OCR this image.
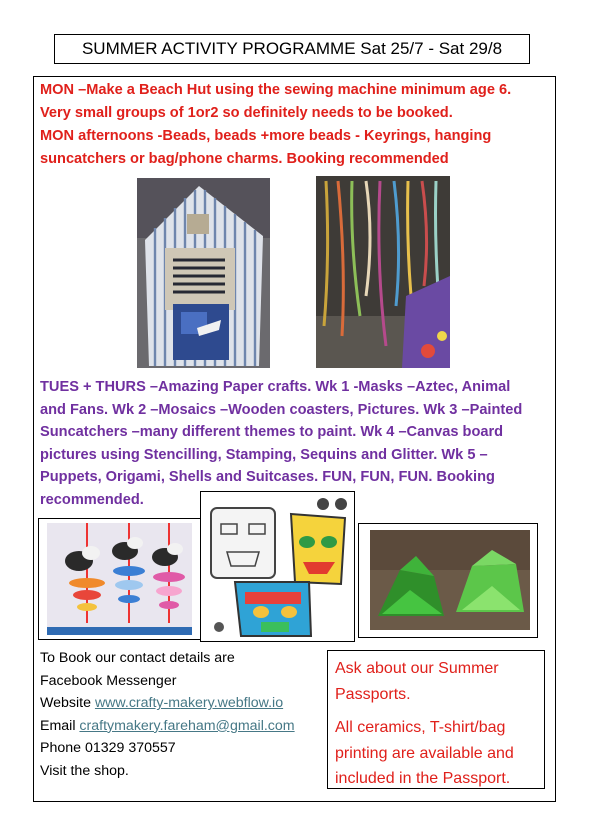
SUMMER ACTIVITY PROGRAMME Sat 25/7 - Sat 29/8
MON –Make a Beach Hut using the sewing machine minimum age 6.
Very small groups of 1or2 so definitely needs to be booked.
MON afternoons -Beads, beads +more beads - Keyrings, hanging
suncatchers or bag/phone charms. Booking recommended
TUES + THURS –Amazing Paper crafts. Wk 1 -Masks –Aztec, Animal
and Fans. Wk 2 –Mosaics –Wooden coasters, Pictures. Wk 3 –Painted
Suncatchers –many different themes to paint. Wk 4 –Canvas board
pictures using Stencilling, Stamping, Sequins and Glitter. Wk 5 –
Puppets, Origami, Shells and Suitcases. FUN, FUN, FUN. Booking
recommended.
To Book our contact details are
Facebook Messenger
Website www.crafty-makery.webflow.io
Email craftymakery.fareham@gmail.com
Phone 01329 370557
Visit the shop.

Ask about our Summer

Passports.

All ceramics, T-shirt/bag

printing are available and

included in the Passport.
